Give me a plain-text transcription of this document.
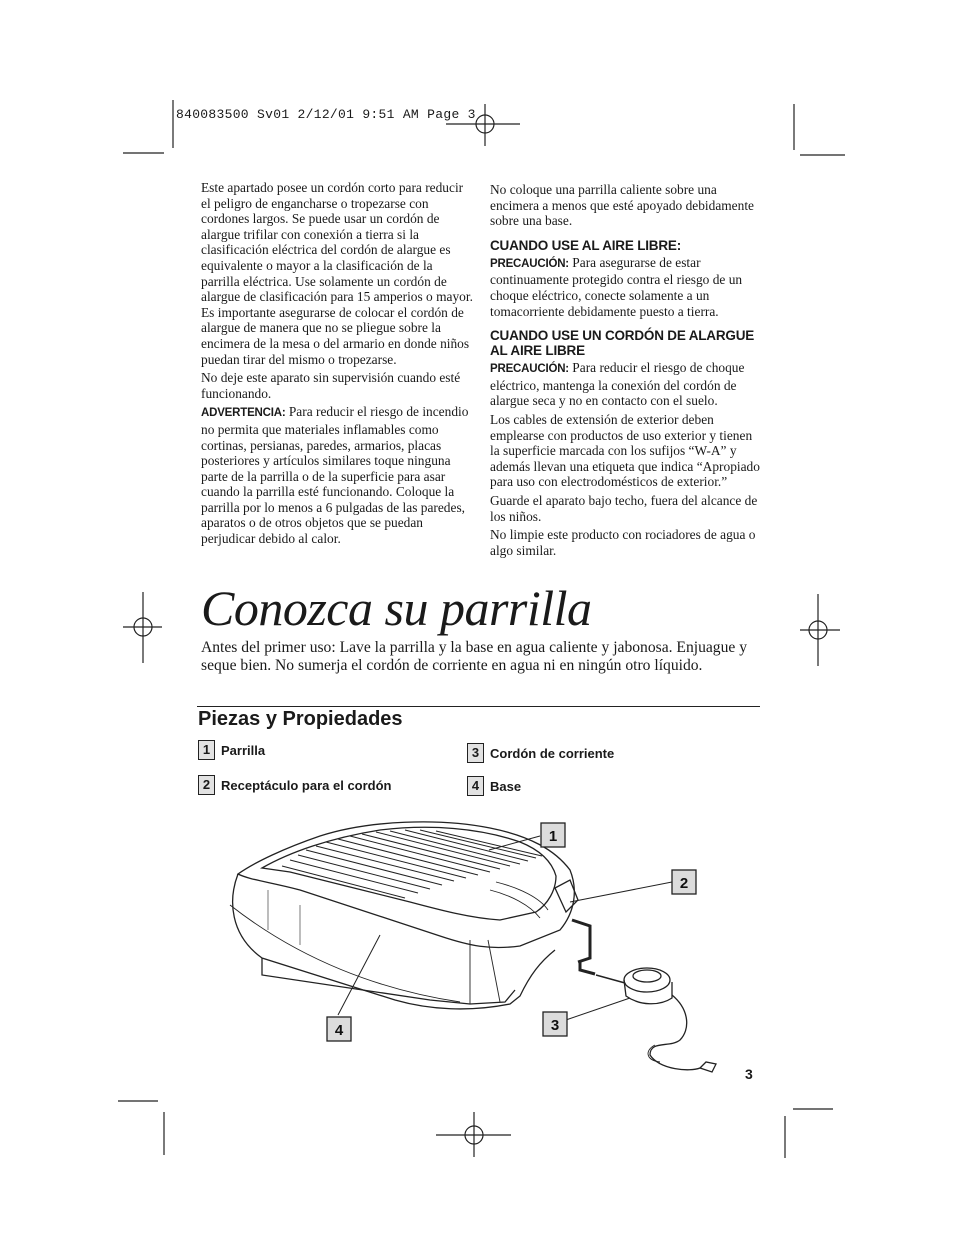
1
2
3
4
840083500 Sv01 2/12/01 9:51 AM Page 3

Este apartado posee un cordón corto para reducir el peligro de engancharse o tropezarse con cordones largos. Se puede usar un cordón de alargue trifilar con conexión a tierra si la clasificación eléctrica del cordón de alargue es equivalente o mayor a la clasificación de la parrilla eléctrica. Use solamente un cordón de alargue de clasificación para 15 amperios o mayor. Es importante asegurarse de colocar el cordón de alargue de manera que no se pliegue sobre la encimera de la mesa o del armario en donde niños puedan tirar del mismo o tropezarse.

No deje este aparato sin supervisión cuando esté funcionando.

ADVERTENCIA: Para reducir el riesgo de incendio no permita que materiales inflamables como cortinas, persianas, paredes, armarios, placas posteriores y artículos similares toque ninguna parte de la parrilla o de la superficie para asar cuando la parrilla esté funcionando. Coloque la parrilla por lo menos a 6 pulgadas de las paredes, aparatos o de otros objetos que se puedan perjudicar debido al calor.

No coloque una parrilla caliente sobre una encimera a menos que esté apoyado debidamente sobre una base.

CUANDO USE AL AIRE LIBRE:

PRECAUCIÓN: Para asegurarse de estar continuamente protegido contra el riesgo de un choque eléctrico, conecte solamente a un tomacorriente debidamente puesto a tierra.

CUANDO USE UN CORDÓN DE ALARGUE AL AIRE LIBRE

PRECAUCIÓN: Para reducir el riesgo de choque eléctrico, mantenga la conexión del cordón de alargue seca y no en contacto con el suelo.

Los cables de extensión de exterior deben emplearse con productos de uso exterior y tienen la superficie marcada con los sufijos “W-A” y además llevan una etiqueta que indica “Apropiado para uso con electrodomésticos de exterior.”

Guarde el aparato bajo techo, fuera del alcance de los niños.

No limpie este producto con rociadores de agua o algo similar.

Conozca su parrilla
Antes del primer uso: Lave la parrilla y la base en agua caliente y jabonosa. Enjuague y seque bien. No sumerja el cordón de corriente en agua ni en ningún otro líquido.
Piezas y Propiedades
1 Parrilla
2 Receptáculo para el cordón
3 Cordón de corriente
4 Base
3
